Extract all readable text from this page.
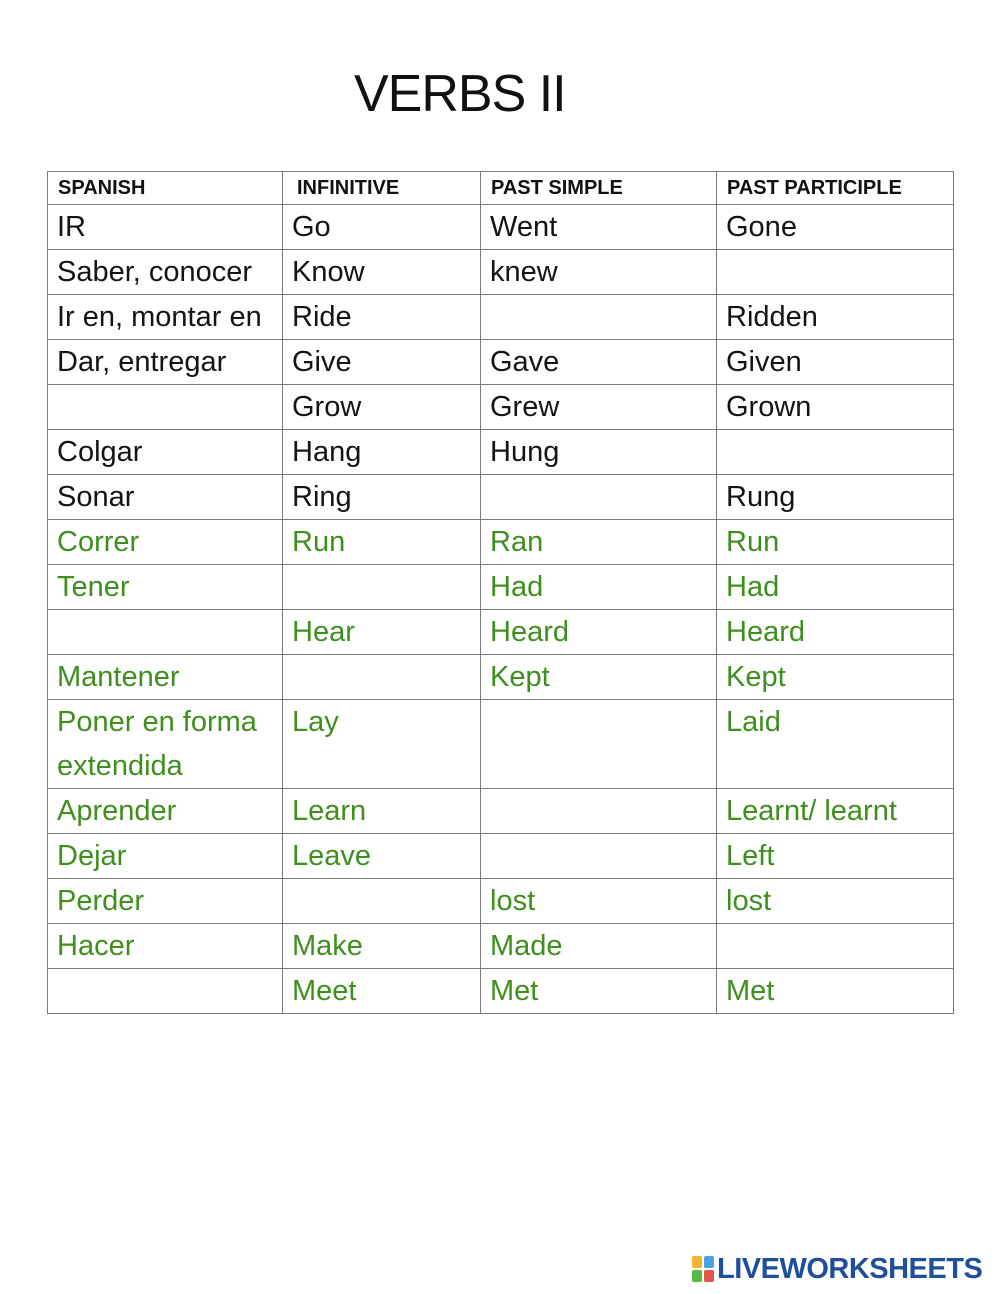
VERBS II
SPANISH	INFINITIVE	PAST SIMPLE	PAST PARTICIPLE
IR	Go	Went	Gone
Saber, conocer	Know	knew	
Ir en, montar en	Ride		Ridden
Dar, entregar	Give	Gave	Given
	Grow	Grew	Grown
Colgar	Hang	Hung	
Sonar	Ring		Rung
Correr	Run	Ran	Run
Tener		Had	Had
	Hear	Heard	Heard
Mantener		Kept	Kept
Poner en forma extendida	Lay		Laid
Aprender	Learn		Learnt/ learnt
Dejar	Leave		Left
Perder		lost	lost
Hacer	Make	Made	
	Meet	Met	Met
LIVEWORKSHEETS
